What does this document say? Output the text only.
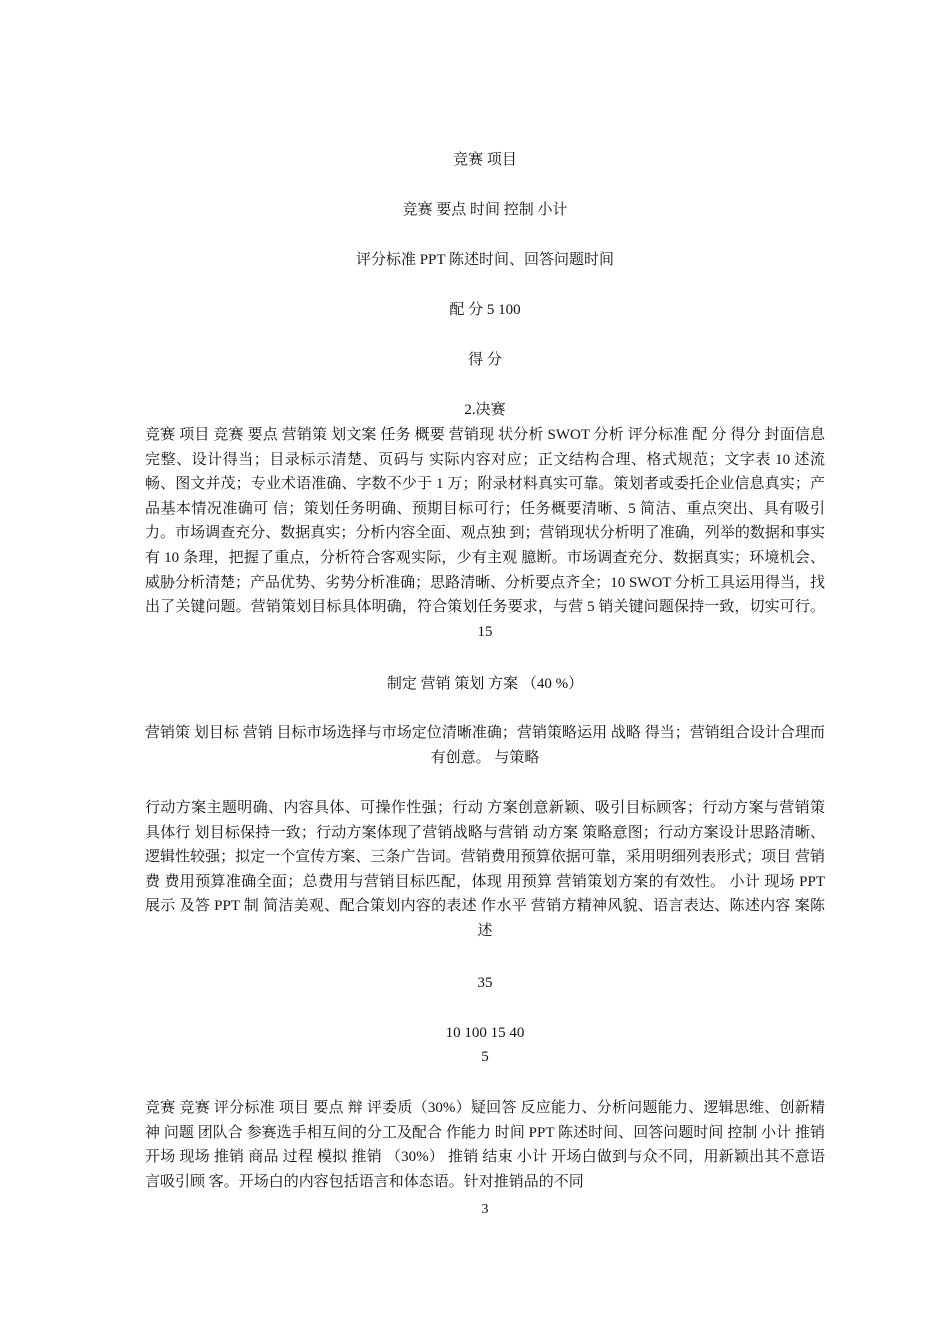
竞赛 项目
竞赛 要点 时间 控制 小计
评分标准 PPT 陈述时间、回答问题时间
配 分 5 100
得 分
2.决赛
竞赛 项目 竞赛 要点 营销策 划文案 任务 概要 营销现 状分析 SWOT 分析 评分标准 配 分 得分 封面信息完整、设计得当；目录标示清楚、页码与 实际内容对应；正文结构合理、格式规范；文字表 10 述流畅、图文并茂；专业术语准确、字数不少于 1 万；附录材料真实可靠。策划者或委托企业信息真实；产品基本情况准确可 信；策划任务明确、预期目标可行；任务概要清晰、5 简洁、重点突出、具有吸引力。市场调查充分、数据真实；分析内容全面、观点独 到；营销现状分析明了准确，列举的数据和事实有 10 条理，把握了重点，分析符合客观实际，少有主观 臆断。市场调查充分、数据真实；环境机会、威胁分析清楚；产品优势、劣势分析准确；思路清晰、分析要点齐全；10 SWOT 分析工具运用得当，找出了关键问题。营销策划目标具体明确，符合策划任务要求，与营 5 销关键问题保持一致，切实可行。 15
制定 营销 策划 方案 （40 %）
营销策 划目标 营销 目标市场选择与市场定位清晰准确；营销策略运用 战略 得当；营销组合设计合理而有创意。 与策略
行动方案主题明确、内容具体、可操作性强；行动 方案创意新颖、吸引目标顾客；行动方案与营销策 具体行 划目标保持一致；行动方案体现了营销战略与营销 动方案 策略意图；行动方案设计思路清晰、逻辑性较强；拟定一个宣传方案、三条广告词。营销费用预算依据可靠，采用明细列表形式；项目 营销费 费用预算准确全面；总费用与营销目标匹配，体现 用预算 营销策划方案的有效性。 小计 现场 PPT 展示 及答 PPT 制 简洁美观、配合策划内容的表述 作水平 营销方精神风貌、语言表达、陈述内容 案陈述
35
10 100 15 40
5
竞赛 竞赛 评分标准 项目 要点 辩 评委质（30%）疑回答 反应能力、分析问题能力、逻辑思维、创新精神 问题 团队合 参赛选手相互间的分工及配合 作能力 时间 PPT 陈述时间、回答问题时间 控制 小计 推销 开场 现场 推销 商品 过程 模拟 推销 （30%） 推销 结束 小计 开场白做到与众不同，用新颖出其不意语言吸引顾 客。开场白的内容包括语言和体态语。针对推销品的不同
3
